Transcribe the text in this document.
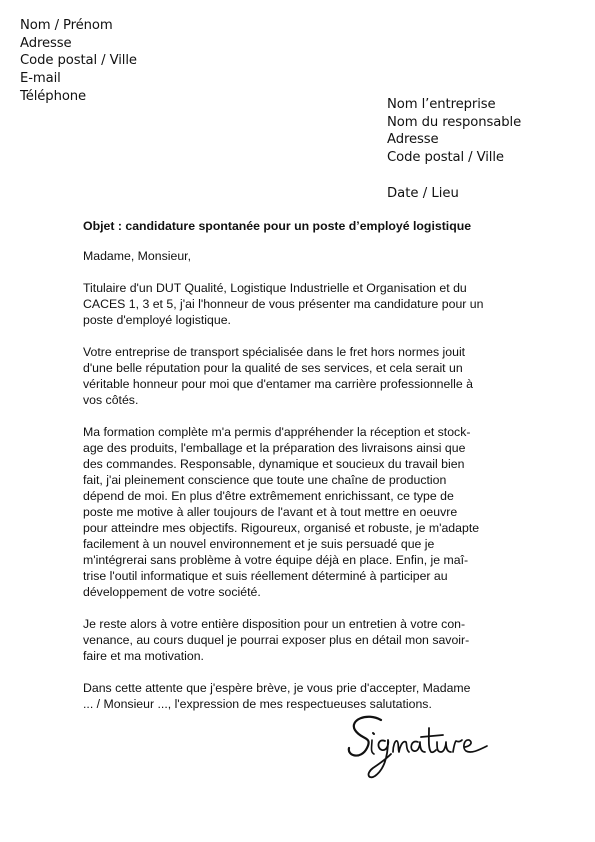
Nom / Prénom
Adresse
Code postal / Ville
E-mail
Téléphone
Nom l’entreprise
Nom du responsable
Adresse
Code postal / Ville
Date / Lieu
Objet : candidature spontanée pour un poste d’employé logistique

Madame, Monsieur,

Titulaire d'un DUT Qualité, Logistique Industrielle et Organisation et du
CACES 1, 3 et 5, j'ai l'honneur de vous présenter ma candidature pour un
poste d'employé logistique.

Votre entreprise de transport spécialisée dans le fret hors normes jouit
d'une belle réputation pour la qualité de ses services, et cela serait un
véritable honneur pour moi que d'entamer ma carrière professionnelle à
vos côtés.

Ma formation complète m'a permis d'appréhender la réception et stock-
age des produits, l'emballage et la préparation des livraisons ainsi que
des commandes. Responsable, dynamique et soucieux du travail bien
fait, j'ai pleinement conscience que toute une chaîne de production
dépend de moi. En plus d'être extrêmement enrichissant, ce type de
poste me motive à aller toujours de l'avant et à tout mettre en oeuvre
pour atteindre mes objectifs. Rigoureux, organisé et robuste, je m'adapte
facilement à un nouvel environnement et je suis persuadé que je
m'intégrerai sans problème à votre équipe déjà en place. Enfin, je maî-
trise l'outil informatique et suis réellement déterminé à participer au
développement de votre société.

Je reste alors à votre entière disposition pour un entretien à votre con-
venance, au cours duquel je pourrai exposer plus en détail mon savoir-
faire et ma motivation.

Dans cette attente que j'espère brève, je vous prie d'accepter, Madame
... / Monsieur ..., l'expression de mes respectueuses salutations.
